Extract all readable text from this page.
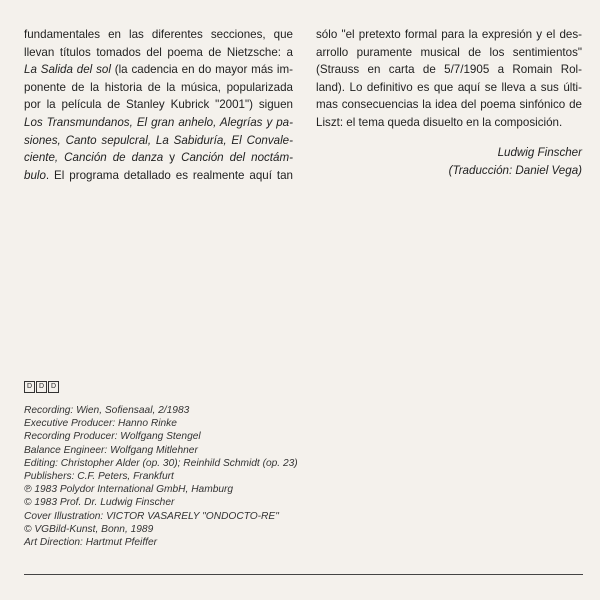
fundamentales en las diferentes secciones, que
llevan títulos tomados del poema de Nietzsche: a
La Salida del sol (la cadencia en do mayor más im-
ponente de la historia de la música, popularizada
por la película de Stanley Kubrick "2001") siguen
Los Transmundanos, El gran anhelo, Alegrías y pa-
siones, Canto sepulcral, La Sabiduría, El Convale-
ciente, Canción de danza y Canción del noctám-
bulo. El programa detallado es realmente aquí tan
sólo "el pretexto formal para la expresión y el des-
arrollo puramente musical de los sentimientos"
(Strauss en carta de 5/7/1905 a Romain Rol-
land). Lo definitivo es que aquí se lleva a sus últi-
mas consecuencias la idea del poema sinfónico de
Liszt: el tema queda disuelto en la composición.
Ludwig Finscher
(Traducción: Daniel Vega)
D D D
Recording: Wien, Sofiensaal, 2/1983
Executive Producer: Hanno Rinke
Recording Producer: Wolfgang Stengel
Balance Engineer: Wolfgang Mitlehner
Editing: Christopher Alder (op. 30); Reinhild Schmidt (op. 23)
Publishers: C.F. Peters, Frankfurt
℗ 1983 Polydor International GmbH, Hamburg
© 1983 Prof. Dr. Ludwig Finscher
Cover Illustration: VICTOR VASARELY "ONDOCTO-RE"
© VGBild-Kunst, Bonn, 1989
Art Direction: Hartmut Pfeiffer
